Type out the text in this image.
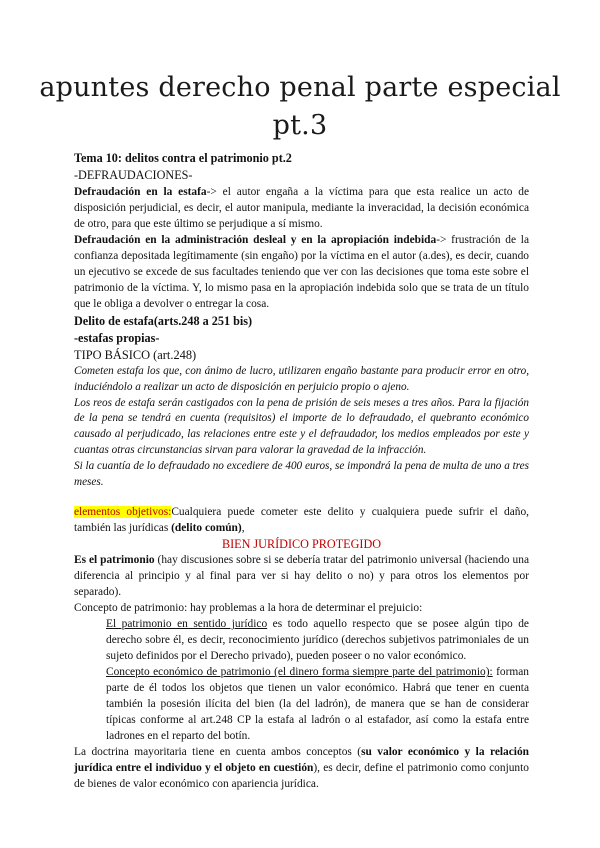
apuntes derecho penal parte especial
pt.3

Tema 10: delitos contra el patrimonio pt.2

-DEFRAUDACIONES-

Defraudación en la estafa-> el autor engaña a la víctima para que esta realice un acto de disposición perjudicial, es decir, el autor manipula, mediante la inveracidad, la decisión económica de otro, para que este último se perjudique a sí mismo.

Defraudación en la administración desleal y en la apropiación indebida-> frustración de la confianza depositada legítimamente (sin engaño) por la víctima en el autor (a.des), es decir, cuando un ejecutivo se excede de sus facultades teniendo que ver con las decisiones que toma este sobre el patrimonio de la víctima. Y, lo mismo pasa en la apropiación indebida solo que se trata de un título que le obliga a devolver o entregar la cosa.

Delito de estafa(arts.248 a 251 bis)

-estafas propias-

TIPO BÁSICO (art.248)

Cometen estafa los que, con ánimo de lucro, utilizaren engaño bastante para producir error en otro, induciéndolo a realizar un acto de disposición en perjuicio propio o ajeno.

Los reos de estafa serán castigados con la pena de prisión de seis meses a tres años. Para la fijación de la pena se tendrá en cuenta (requisitos) el importe de lo defraudado, el quebranto económico causado al perjudicado, las relaciones entre este y el defraudador, los medios empleados por este y cuantas otras circunstancias sirvan para valorar la gravedad de la infracción.

Si la cuantía de lo defraudado no excediere de 400 euros, se impondrá la pena de multa de uno a tres meses.

elementos objetivos:Cualquiera puede cometer este delito y cualquiera puede sufrir el daño, también las jurídicas (delito común),

BIEN JURÍDICO PROTEGIDO

Es el patrimonio (hay discusiones sobre si se debería tratar del patrimonio universal (haciendo una diferencia al principio y al final para ver si hay delito o no) y para otros los elementos por separado).

Concepto de patrimonio: hay problemas a la hora de determinar el prejuicio:

El patrimonio en sentido jurídico es todo aquello respecto que se posee algún tipo de derecho sobre él, es decir, reconocimiento jurídico (derechos subjetivos patrimoniales de un sujeto definidos por el Derecho privado), pueden poseer o no valor económico.

Concepto económico de patrimonio (el dinero forma siempre parte del patrimonio): forman parte de él todos los objetos que tienen un valor económico. Habrá que tener en cuenta también la posesión ilícita del bien (la del ladrón), de manera que se han de considerar típicas conforme al art.248 CP la estafa al ladrón o al estafador, así como la estafa entre ladrones en el reparto del botín.

La doctrina mayoritaria tiene en cuenta ambos conceptos (su valor económico y la relación jurídica entre el individuo y el objeto en cuestión), es decir, define el patrimonio como conjunto de bienes de valor económico con apariencia jurídica.
